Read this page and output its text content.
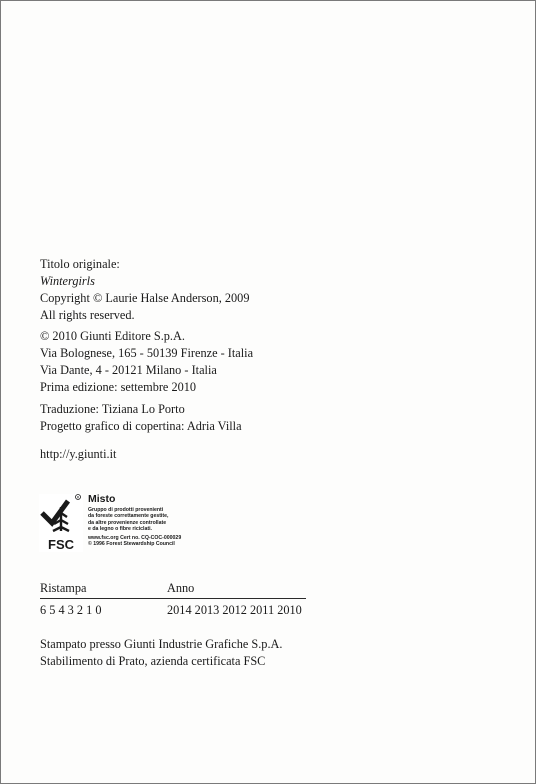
Titolo originale:
Wintergirls
Copyright © Laurie Halse Anderson, 2009
All rights reserved.
© 2010 Giunti Editore S.p.A.
Via Bolognese, 165 - 50139 Firenze - Italia
Via Dante, 4 - 20121 Milano - Italia
Prima edizione: settembre 2010
Traduzione: Tiziana Lo Porto
Progetto grafico di copertina: Adria Villa
http://y.giunti.it
R
FSC
Misto
Gruppo di prodotti provenienti
da foreste correttamente gestite,
da altre provenienze controllate
e da legno o fibre riciclati.
www.fsc.org Cert no. CQ-COC-000029
© 1996 Forest Stewardship Council
Ristampa	Anno
6 5 4 3 2 1 0	2014 2013 2012 2011 2010
Stampato presso Giunti Industrie Grafiche S.p.A.
Stabilimento di Prato, azienda certificata FSC
